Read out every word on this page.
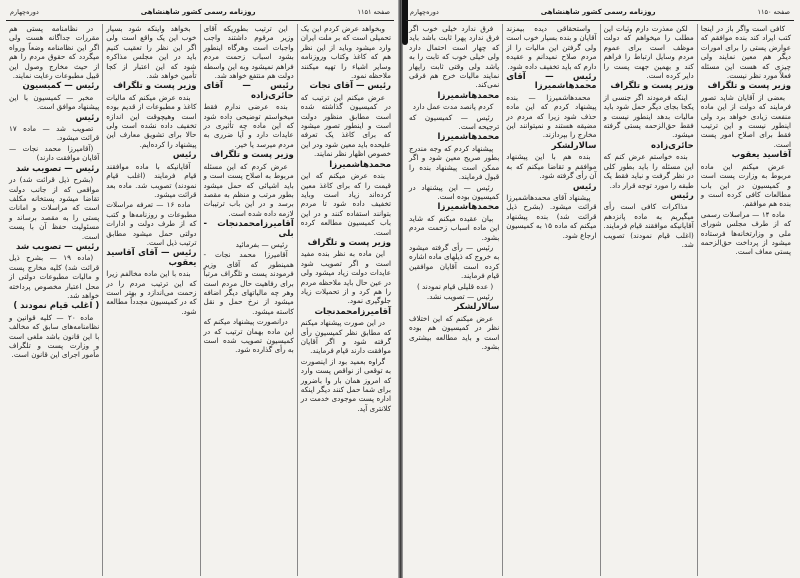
صفحه ۱۱۵۱
روزنامه رسمی کشور شاهنشاهی
دوره‌چهارم

وبخواهد عرض کردم این یک تحمیلی است که بر ملت ایران وارد میشود وباید از این نظر هم که کاغذ وکتاب وروزنامه وسایر اشیاء را تهیه میکنند ملاحظه نمود.

رئیس — آقای تجات

عرض میکنم این ترتیب که در کمیسیون گذاشته شده است مطابق منظور دولت است و اینطور تصور میشود که برای کاغذ یک تعرفه علیحده باید معین شود ودر این خصوص اظهار نظر نمایند.

محمدهاشمیرزا

بنده عرض میکنم که این قیمت را که برای کاغذ معین کرده‌اند زیاد است وباید تخفیف داده شود تا مردم بتوانند استفاده کنند و در این باب کمیسیون مطالعه کرده است.

وزیر پست و تلگراف

این ماده به نظر بنده مفید است و اگر تصویب شود عایدات دولت زیاد میشود ولی در عین حال باید ملاحظه مردم را هم کرد و از تحمیلات زیاد جلوگیری نمود.

آقامیرزامحمدنجات

در این صورت پیشنهاد میکنم که مطابق نظر کمیسیون رأی گرفته شود و اگر آقایان موافقت دارند قیام فرمایند.

گراوه بعمید بود از اینصورت به توقعی از نواقص پست وارد که امروز همان بار وا باضرور برای شما حمل کنند دیگر اینکه اداره پست موجودی خدمت در کلانتری آید.

این ترتیب بطوریکه آقای وزیر مرقوم داشتند واجب واجبات است وهرگاه اینطور بشود اسباب زحمت مردم فراهم نمیشود وبه این واسطه دولت هم منتفع خواهد شد.

رئیس — آقای حائری‌زاده

بنده عرضی ندارم فقط میخواستم توضیحی داده شود که این ماده چه تأثیری در عایدات دارد و آیا ضرری به مردم میرسد یا خیر.

وزیر پست و تلگراف

عرض کردم که این مسئله مربوط به اصلاح پست است و باید اشیائی که حمل میشود بطور مرتب و منظم به مقصد برسد و در این باب ترتیبات لازمه داده شده است.

آقامیرزامحمدنجات - بلی

رئیس — بفرمائید

آقامیرزا محمد نجات - همینطور که آقای وزیر فرمودند پست و تلگراف مرتباً برای رفاهیت حال مردم است وهر چه مالیاتهای دیگر اضافه میشود از نرخ حمل و نقل کاسته میشود.

درانصورت پیشنهاد میکنم که این ماده بهمان ترتیب که در کمیسیون تصویب شده است به رأی گذارده شود.

بخواهد واینکه شود بسیار خوب این یک واقع است ولی اگر این نظر را تعقیب کنیم باید در این مجلس مذاکره شود که این اعتبار از کجا تأمین خواهد شد.

وزیر پست و تلگراف

بنده عرض میکنم که مالیات کاغذ و مطبوعات از قدیم بوده است وهیچوقت این اندازه تخفیف داده نشده است ولی حالا برای تشویق معارف این پیشنهاد را کرده‌ایم.

رئیس

آقایانیکه با ماده موافقند قیام فرمایند (اغلب قیام نمودند) تصویب شد. ماده بعد قرائت میشود.

ماده ۱۶ — تعرفه مراسلات مطبوعات و روزنامه‌ها و کتب که از طرف دولت و ادارات دولتی حمل میشود مطابق ترتیب ذیل است.

رئیس — آقای آقاسید یعقوب

بنده با این ماده مخالفم زیرا که این ترتیب مردم را در زحمت می‌اندازد و بهتر است که در کمیسیون مجدداً مطالعه شود.

در نظامنامه پستی هم مقررات جداگانه هست ولی اگر این نظامنامه وضعاً ورواه میگردد که حقوق مردم را هم از حیث مخارج وصول این قبیل مطبوعات رعایت نمایند.

رئیس — کمیسیون

مخبر — کمیسیون با این پیشنهاد موافق است.

رئیس

تصویب شد — ماده ۱۷ قرائت میشود.

(آقامیرزا محمد نجات — آقایان موافقت دارند)

رئیس — تصویب شد

(بشرح ذیل قرائت شد) در مواقعی که از جانب دولت تقاضا میشود پستخانه مکلف است که مراسلات و امانات پستی را به مقصد برساند و مسئولیت حفظ آن با پست است.

رئیس — تصویب شد

(ماده ۱۹ — بشرح ذیل قرائت شد) کلیه مخارج پست و مالیات مطبوعات دولتی از محل اعتبار مخصوص پرداخته خواهد شد.

( اغلب قیام نمودند )

ماده ۲۰ — کلیه قوانین و نظامنامه‌های سابق که مخالف با این قانون باشد ملغی است و وزارت پست و تلگراف مأمور اجرای این قانون است.

صفحه ۱۱۵۰
روزنامه رسمی کشور شاهنشاهی
دوره‌چهارم

کافی است واگر باز در اینجا کتب ایراد کند بنده موافقم که عوارض پستی را برای امورات دیگر هم معین نمایند ولی چیزی که هست این مسئله فعلاً مورد نظر نیست.

وزیر پست و تلگراف

بعضی از آقایان شاید تصور فرمایند که دولت از این ماده منفعت زیادی خواهد برد ولی اینطور نیست و این ترتیب فقط برای اصلاح امور پست است.

آقاسید یعقوب

عرض میکنم این ماده مربوط به وزارت پست است و کمیسیون در این باب مطالعات کافی کرده است و بنده هم موافقم.

ماده ۱۴ — مراسلات رسمی که از طرف مجلس شورای ملی و وزارتخانه‌ها فرستاده میشود از پرداخت حق‌الزحمه پستی معاف است.

لکن معذرت دارم وثبات این مطلب را میخواهم که دولت موظف است برای عموم مردم وسایل ارتباط را فراهم کند و بهمین جهت پست را دایر کرده است.

وزیر پست و تلگراف

اینکه فرمودند اگر جنسی از یکجا بجای دیگر حمل شود باید مالیات بدهد اینطور نیست و فقط حق‌الزحمه پستی گرفته میشود.

حائری‌زاده

بنده خواستم عرض کنم که این مسئله را باید بطور کلی در نظر گرفت و نباید فقط یک طبقه را مورد توجه قرار داد.

رئیس

مذاکرات کافی است رأی میگیریم به ماده پانزدهم آقایانیکه موافقند قیام فرمایند. (اغلب قیام نمودند) تصویب شد.

واستحقاقی دیده بیمزند آقایان و بنده بسیار خوب است ولی گرفتن این مالیات را از مردم صلاح نمیدانم و عقیده دارم که باید تخفیف داده شود.

رئیس — آقای محمدهاشمیرزا

محمدهاشمیرزا — بنده پیشنهاد کردم که این ماده حذف شود زیرا که مردم در مضیقه هستند و نمیتوانند این مخارج را بپردازند.

سالارلشکر

بنده هم با این پیشنهاد موافقم و تقاضا میکنم که به آن رأی گرفته شود.

رئیس

پیشنهاد آقای محمدهاشمیرزا قرائت میشود. (بشرح ذیل قرائت شد) بنده پیشنهاد میکنم که ماده ۱۵ به کمیسیون ارجاع شود.

فرق ندارد خیلی خوب اگر فرق ندارد پهرا ثابت باشد باید که چهار است احتمال دارد ولی خیلی خوب که تابت را به یاشد ولی وقتی ثابت راپهار نمایند مالیات خرج هم فرقی نمی‌کند.

محمدهاشمیرزا

کردم پانصد مدت عمل دارد

رئیس — کمیسیون که ترجیحه است.

محمدهاشمیرزا

پیشنهاد کردم که وجه مندرج بطور صریح معین شود و اگر ممکن است پیشنهاد بنده را قبول فرمایند.

رئیس — این پیشنهاد در کمیسیون بوده است.

محمدهاشمیرزا

بیان عقیده میکنم که شاید این ماده اسباب زحمت مردم بشود.

رئیس — رأی گرفته میشود به خروج که ذیلهای ماده اشاره کرده است آقایان موافقین قیام فرمایند.

( عده قلیلی قیام نمودند )

رئیس — تصویب نشد.

سالارلشکر

عرض میکنم که این اختلاف نظر در کمیسیون هم بوده است و باید مطالعه بیشتری بشود.
